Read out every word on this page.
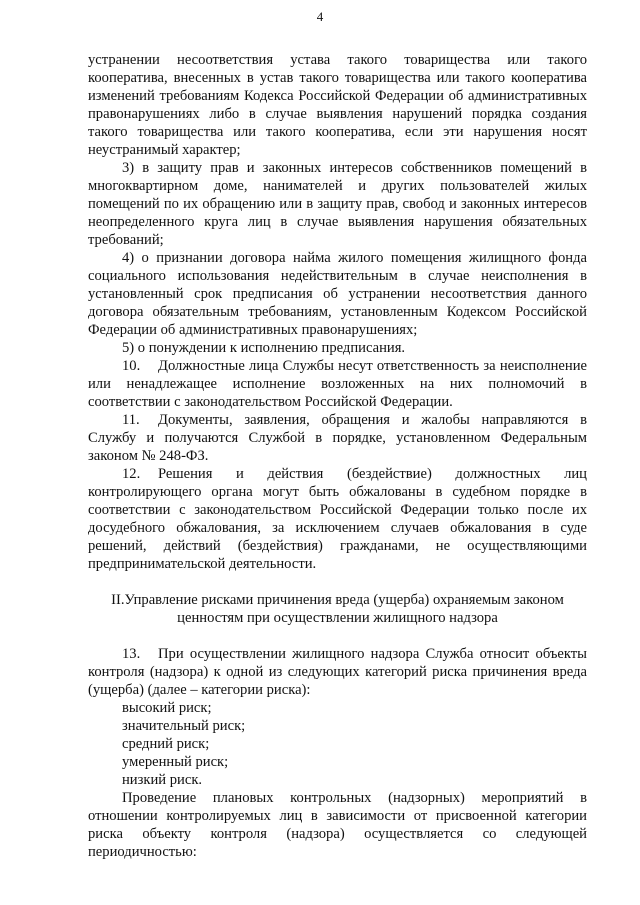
4

устранении несоответствия устава такого товарищества или такого кооператива, внесенных в устав такого товарищества или такого кооператива изменений требованиям Кодекса Российской Федерации об административных правонарушениях либо в случае выявления нарушений порядка создания такого товарищества или такого кооператива, если эти нарушения носят неустранимый характер;

3) в защиту прав и законных интересов собственников помещений в многоквартирном доме, нанимателей и других пользователей жилых помещений по их обращению или в защиту прав, свобод и законных интересов неопределенного круга лиц в случае выявления нарушения обязательных требований;

4) о признании договора найма жилого помещения жилищного фонда социального использования недействительным в случае неисполнения в установленный срок предписания об устранении несоответствия данного договора обязательным требованиям, установленным Кодексом Российской Федерации об административных правонарушениях;

5) о понуждении к исполнению предписания.

10. Должностные лица Службы несут ответственность за неисполнение или ненадлежащее исполнение возложенных на них полномочий в соответствии с законодательством Российской Федерации.

11. Документы, заявления, обращения и жалобы направляются в Службу и получаются Службой в порядке, установленном Федеральным законом № 248-ФЗ.

12. Решения и действия (бездействие) должностных лиц контролирующего органа могут быть обжалованы в судебном порядке в соответствии с законодательством Российской Федерации только после их досудебного обжалования, за исключением случаев обжалования в суде решений, действий (бездействия) гражданами, не осуществляющими предпринимательской деятельности.

II.Управление рисками причинения вреда (ущерба) охраняемым законом

ценностям при осуществлении жилищного надзора

13. При осуществлении жилищного надзора Служба относит объекты контроля (надзора) к одной из следующих категорий риска причинения вреда (ущерба) (далее – категории риска):

высокий риск;

значительный риск;

средний риск;

умеренный риск;

низкий риск.

Проведение плановых контрольных (надзорных) мероприятий в отношении контролируемых лиц в зависимости от присвоенной категории риска объекту контроля (надзора) осуществляется со следующей периодичностью:
